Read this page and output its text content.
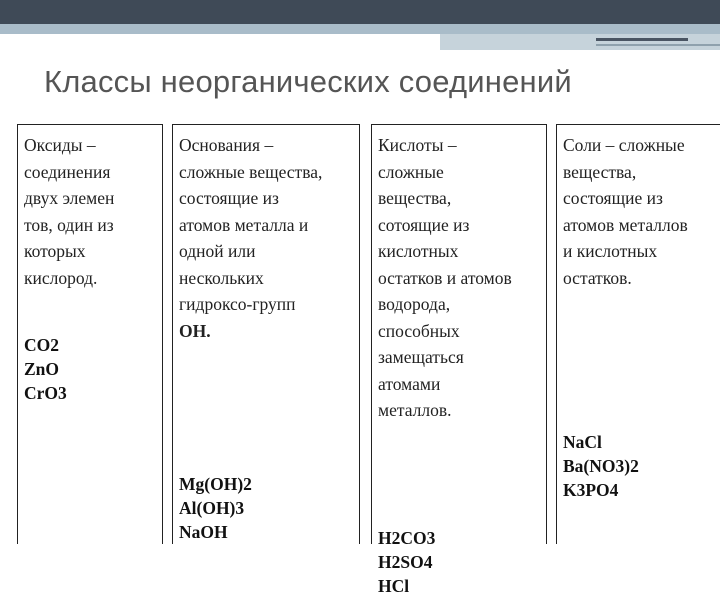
Классы неорганических соединений

Оксиды –
соединения
двух элемен
тов, один из
которых
кислород.

CO2
ZnO
CrO3

Основания –
сложные вещества,
состоящие из
атомов металла и
одной или
нескольких
гидроксо-групп
OH.

Mg(OH)2
Al(OH)3
NaOH

Кислоты –
сложные
вещества,
сотоящие из
кислотных
остатков и атомов
водорода,
способных
замещаться
атомами
металлов.

H2CO3
H2SO4
HCl

Соли – сложные
вещества,
состоящие из
атомов металлов
и кислотных
остатков.

NaCl
Ba(NO3)2
K3PO4
